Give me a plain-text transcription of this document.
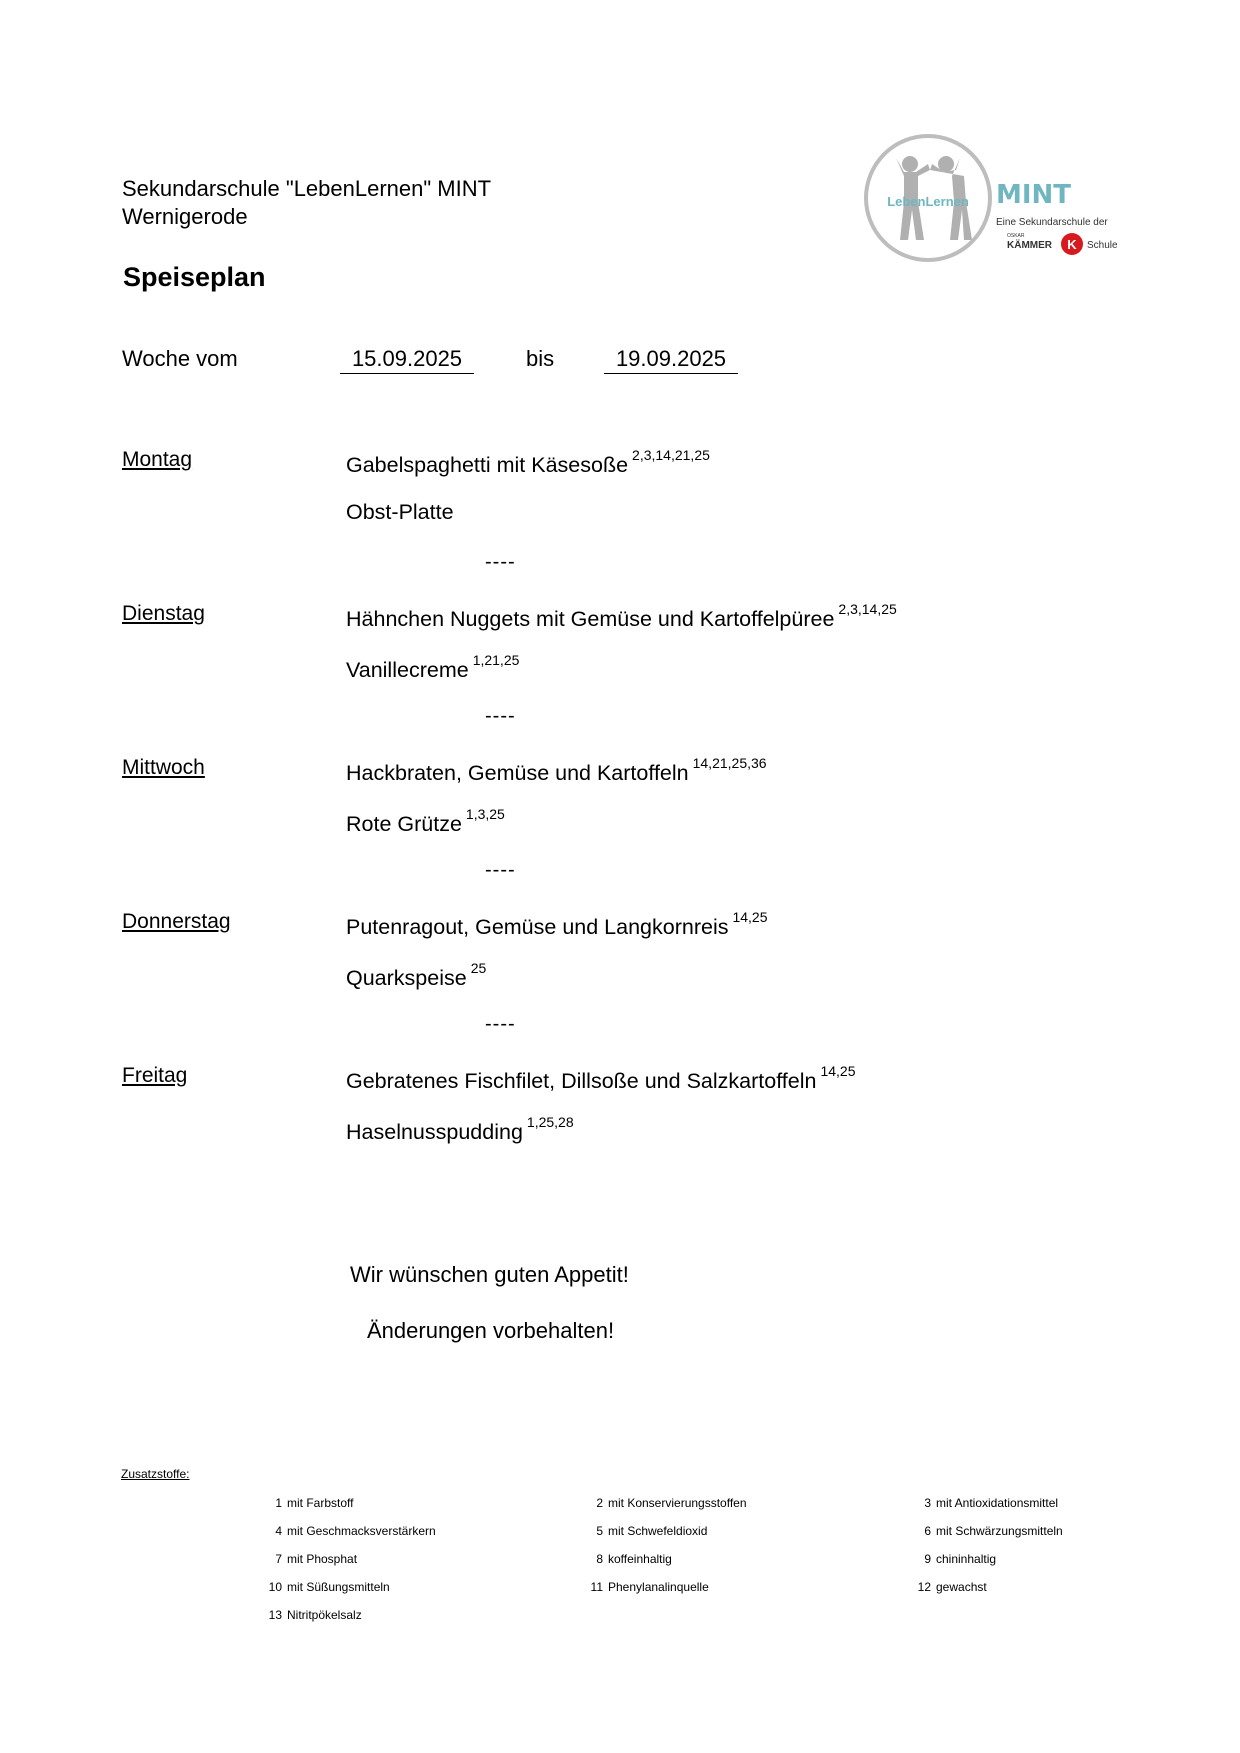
Sekundarschule "LebenLernen" MINT
Wernigerode
Speiseplan
LebenLernen MINT
Eine Sekundarschule der
OSKAR
KÄMMER K Schule
Woche vom	15.09.2025	bis	19.09.2025
Montag	Gabelspaghetti mit Käsesoße $^{2,3,14,21,25}$
Obst-Platte
----
Dienstag	Hähnchen Nuggets mit Gemüse und Kartoffelpüree $^{2,3,14,25}$
Vanillecreme $^{1,21,25}$
----
Mittwoch	Hackbraten, Gemüse und Kartoffeln $^{14,21,25,36}$
Rote Grütze $^{1,3,25}$
----
Donnerstag	Putenragout, Gemüse und Langkornreis $^{14,25}$
Quarkspeise $^{25}$
----
Freitag	Gebratenes Fischfilet, Dillsoße und Salzkartoffeln $^{14,25}$
Haselnusspudding $^{1,25,28}$
Wir wünschen guten Appetit!
Änderungen vorbehalten!
Zusatzstoffe:
1 mit Farbstoff	2 mit Konservierungsstoffen	3 mit Antioxidationsmittel
4 mit Geschmacksverstärkern	5 mit Schwefeldioxid	6 mit Schwärzungsmitteln
7 mit Phosphat	8 koffeinhaltig	9 chininhaltig
10 mit Süßungsmitteln	11 Phenylanalinquelle	12 gewachst
13 Nitritpökelsalz
